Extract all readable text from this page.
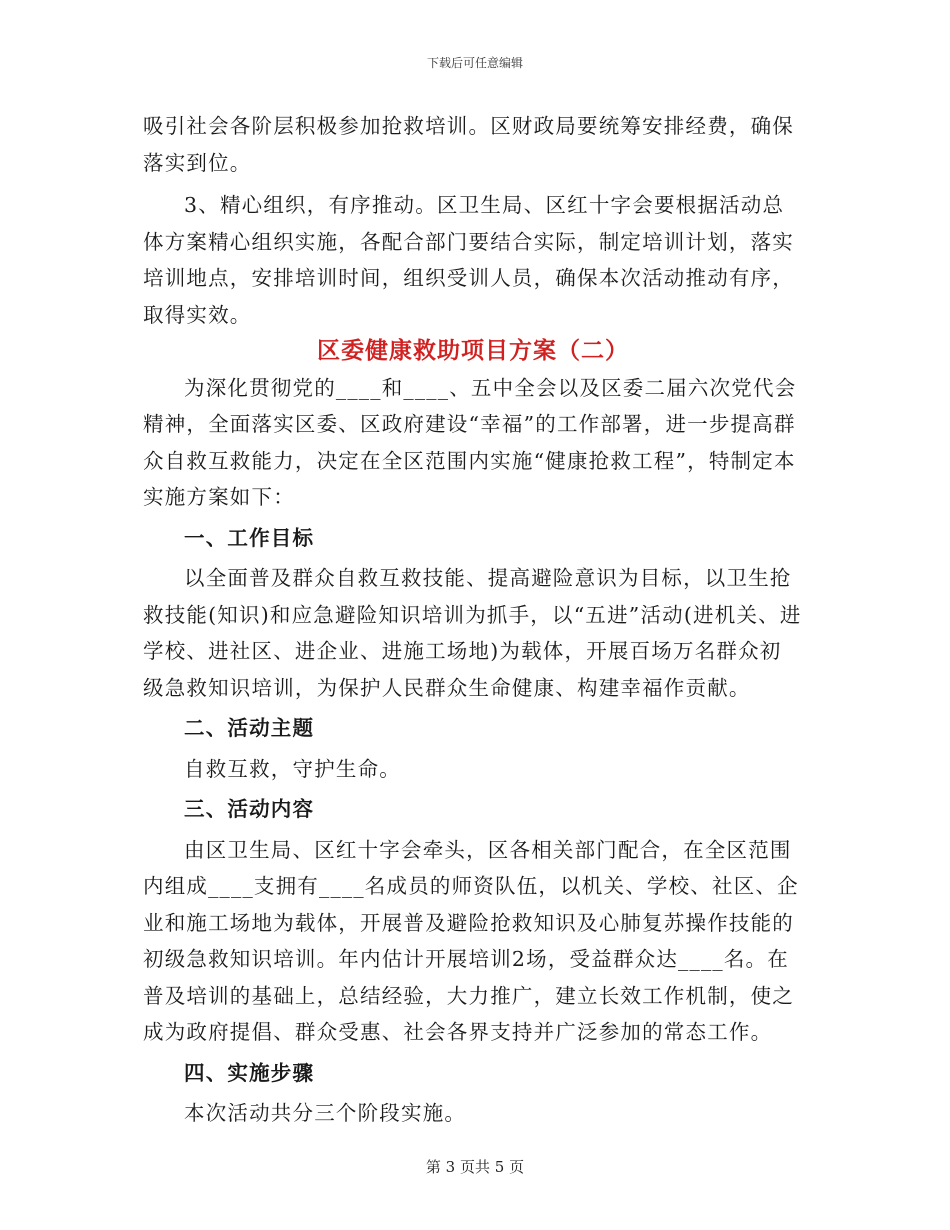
下载后可任意编辑

吸引社会各阶层积极参加抢救培训。区财政局要统筹安排经费，确保落实到位。

3、精心组织，有序推动。区卫生局、区红十字会要根据活动总体方案精心组织实施，各配合部门要结合实际，制定培训计划，落实培训地点，安排培训时间，组织受训人员，确保本次活动推动有序，取得实效。

区委健康救助项目方案（二）

为深化贯彻党的____和____、五中全会以及区委二届六次党代会精神，全面落实区委、区政府建设“幸福”的工作部署，进一步提高群众自救互救能力，决定在全区范围内实施“健康抢救工程”，特制定本实施方案如下：

一、工作目标

以全面普及群众自救互救技能、提高避险意识为目标，以卫生抢救技能(知识)和应急避险知识培训为抓手，以“五进”活动(进机关、进学校、进社区、进企业、进施工场地)为载体，开展百场万名群众初级急救知识培训，为保护人民群众生命健康、构建幸福作贡献。

二、活动主题

自救互救，守护生命。

三、活动内容

由区卫生局、区红十字会牵头，区各相关部门配合，在全区范围内组成____支拥有____名成员的师资队伍，以机关、学校、社区、企业和施工场地为载体，开展普及避险抢救知识及心肺复苏操作技能的初级急救知识培训。年内估计开展培训2场，受益群众达____名。在普及培训的基础上，总结经验，大力推广，建立长效工作机制，使之成为政府提倡、群众受惠、社会各界支持并广泛参加的常态工作。

四、实施步骤

本次活动共分三个阶段实施。

第 3 页共 5 页
